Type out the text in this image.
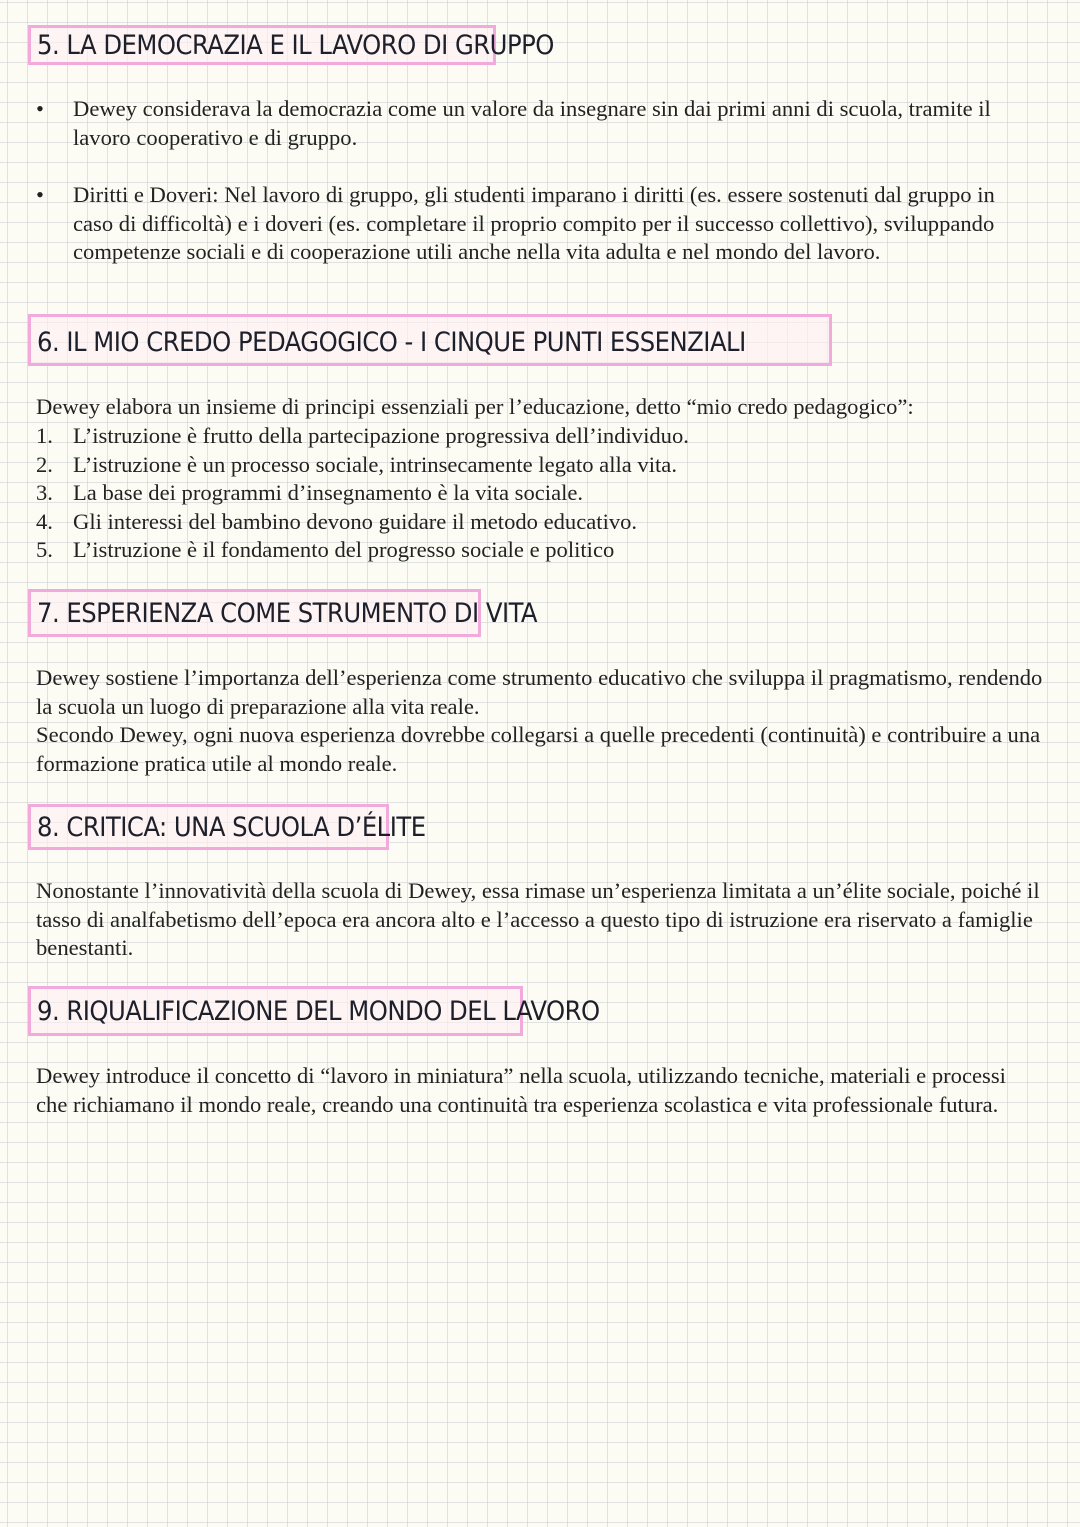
5. LA DEMOCRAZIA E IL LAVORO DI GRUPPO
•	Dewey considerava la democrazia come un valore da insegnare sin dai primi anni di scuola, tramite il lavoro cooperativo e di gruppo.
•	Diritti e Doveri: Nel lavoro di gruppo, gli studenti imparano i diritti (es. essere sostenuti dal gruppo in caso di difficoltà) e i doveri (es. completare il proprio compito per il successo collettivo), sviluppando competenze sociali e di cooperazione utili anche nella vita adulta e nel mondo del lavoro.
6. IL MIO CREDO PEDAGOGICO - I CINQUE PUNTI ESSENZIALI

Dewey elabora un insieme di principi essenziali per l’educazione, detto “mio credo pedagogico”:

1. L’istruzione è frutto della partecipazione progressiva dell’individuo.
2. L’istruzione è un processo sociale, intrinsecamente legato alla vita.
3. La base dei programmi d’insegnamento è la vita sociale.
4. Gli interessi del bambino devono guidare il metodo educativo.
5. L’istruzione è il fondamento del progresso sociale e politico
7. ESPERIENZA COME STRUMENTO DI VITA

Dewey sostiene l’importanza dell’esperienza come strumento educativo che sviluppa il pragmatismo, rendendo la scuola un luogo di preparazione alla vita reale.

Secondo Dewey, ogni nuova esperienza dovrebbe collegarsi a quelle precedenti (continuità) e contribuire a una formazione pratica utile al mondo reale.

8. CRITICA: UNA SCUOLA D’ÉLITE

Nonostante l’innovatività della scuola di Dewey, essa rimase un’esperienza limitata a un’élite sociale, poiché il tasso di analfabetismo dell’epoca era ancora alto e l’accesso a questo tipo di istruzione era riservato a famiglie benestanti.

9. RIQUALIFICAZIONE DEL MONDO DEL LAVORO

Dewey introduce il concetto di “lavoro in miniatura” nella scuola, utilizzando tecniche, materiali e processi che richiamano il mondo reale, creando una continuità tra esperienza scolastica e vita professionale futura.
